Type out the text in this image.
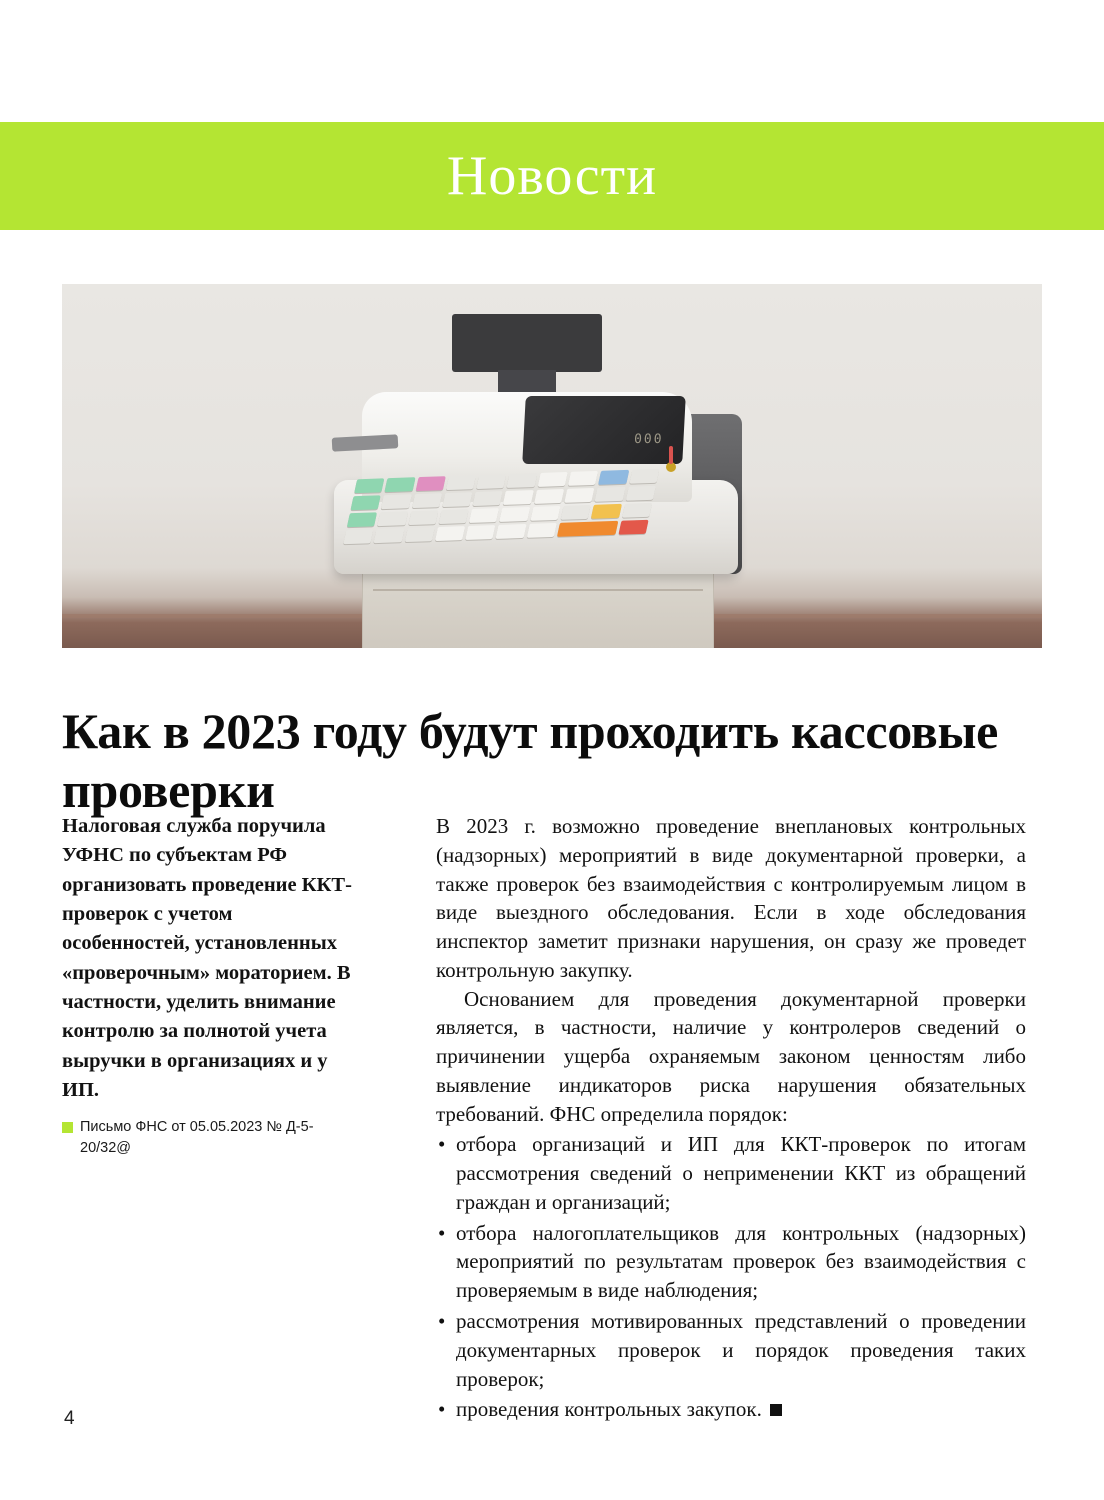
Новости
000
Как в 2023 году будут проходить кассовые проверки

Налоговая служба поручила УФНС по субъектам РФ организовать проведение ККТ-проверок с учетом особенностей, установленных «проверочным» мораторием. В частности, уделить внимание контролю за полнотой учета выручки в организациях и у ИП.

Письмо ФНС от 05.05.2023 № Д-5-20/32@

В 2023 г. возможно проведение внеплановых контрольных (надзорных) мероприятий в виде документарной проверки, а также проверок без взаимодействия с контролируемым лицом в виде выездного обследования. Если в ходе обследования инспектор заметит признаки нарушения, он сразу же проведет контрольную закупку.

Основанием для проведения документарной проверки является, в частности, наличие у контролеров сведений о причинении ущерба охраняемым законом ценностям либо выявление индикаторов риска нарушения обязательных требований. ФНС определила порядок:

• отбора организаций и ИП для ККТ-проверок по итогам рассмотрения сведений о неприменении ККТ из обращений граждан и организаций;
• отбора налогоплательщиков для контрольных (надзорных) мероприятий по результатам проверок без взаимодействия с проверяемым в виде наблюдения;
• рассмотрения мотивированных представлений о проведении документарных проверок и порядок проведения таких проверок;
• проведения контрольных закупок.
4
